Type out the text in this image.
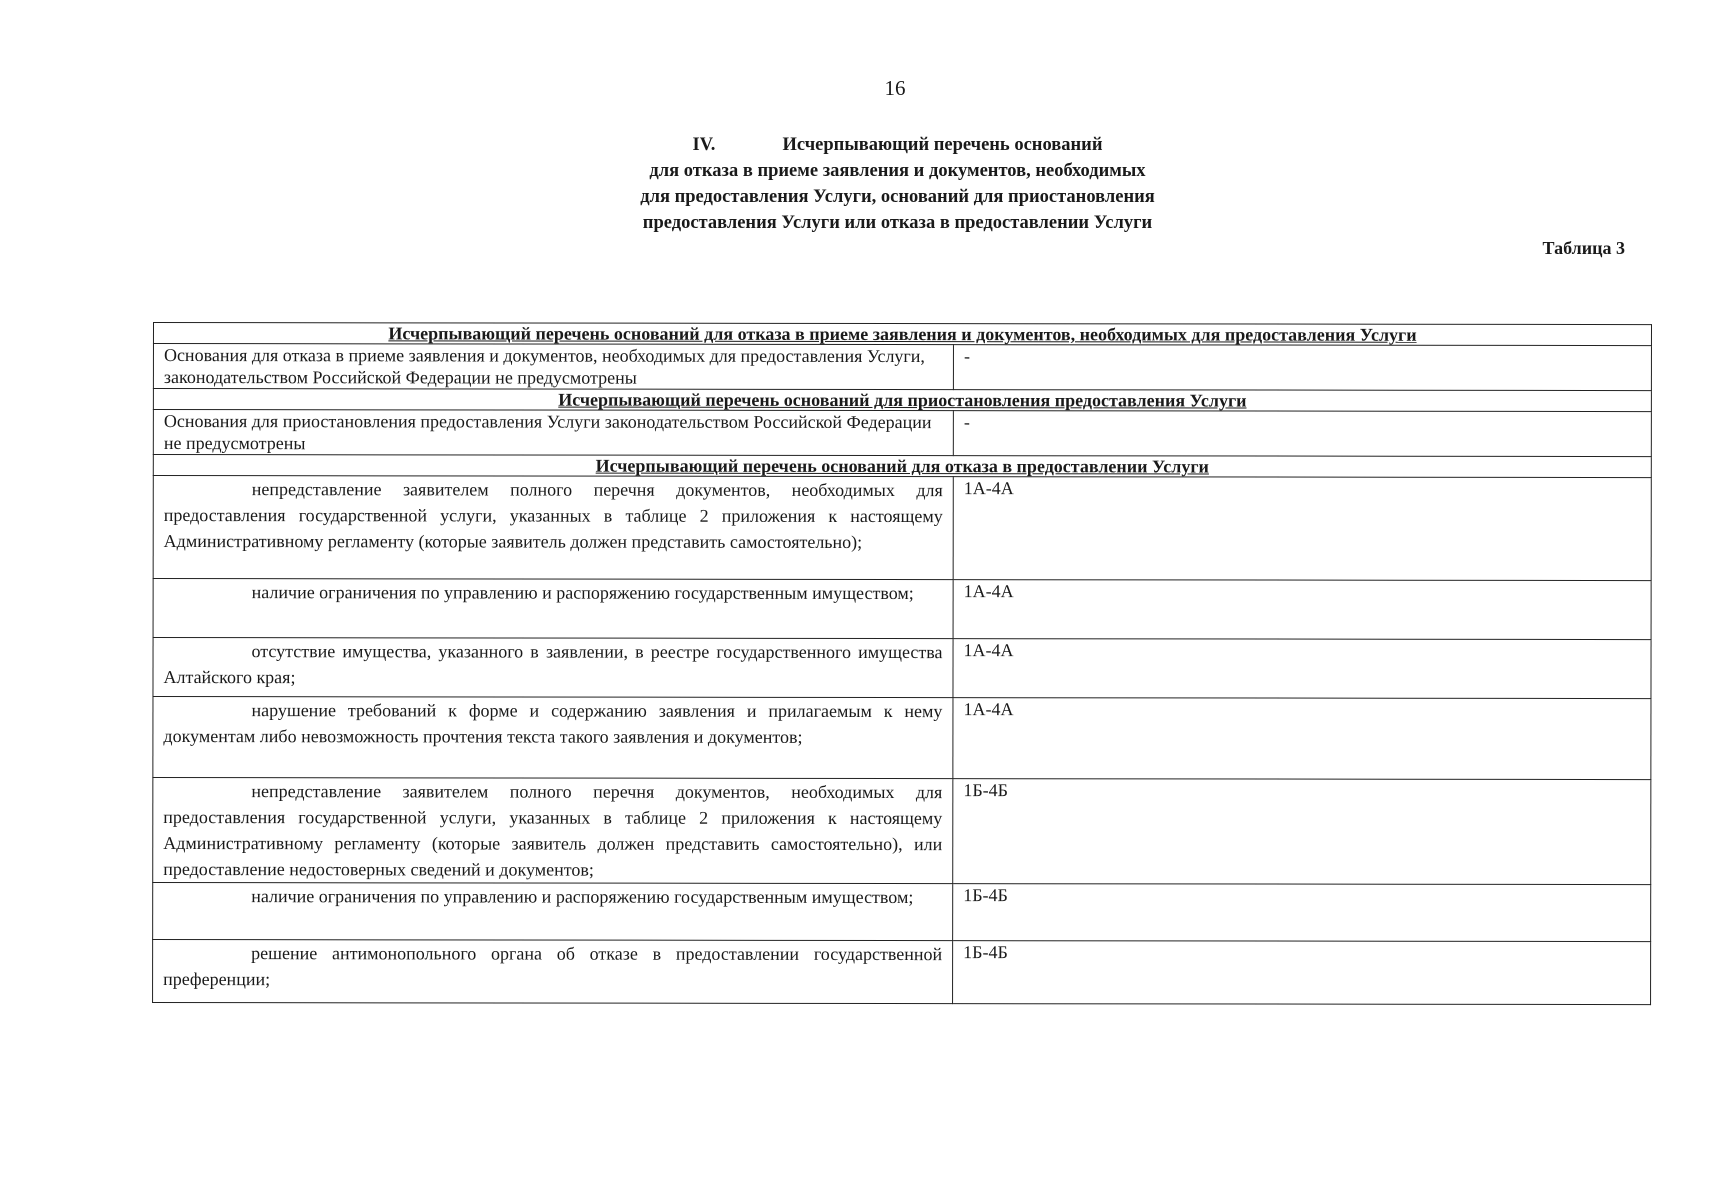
16
IV.	Исчерпывающий перечень оснований
для отказа в приеме заявления и документов, необходимых
для предоставления Услуги, оснований для приостановления
предоставления Услуги или отказа в предоставлении Услуги
Таблица 3
Исчерпывающий перечень оснований для отказа в приеме заявления и документов, необходимых для предоставления Услуги	
Основания для отказа в приеме заявления и документов, необходимых для предоставления Услуги, законодательством Российской Федерации не предусмотрены	-
Исчерпывающий перечень оснований для приостановления предоставления Услуги	
Основания для приостановления предоставления Услуги законодательством Российской Федерации не предусмотрены	-
Исчерпывающий перечень оснований для отказа в предоставлении Услуги	

непредставление заявителем полного перечня документов, необходимых для предоставления государственной услуги, указанных в таблице 2 приложения к настоящему Административному регламенту (которые заявитель должен представить самостоятельно);	1А-4А

наличие ограничения по управлению и распоряжению государственным имуществом;	1А-4А

отсутствие имущества, указанного в заявлении, в реестре государственного имущества Алтайского края;	1А-4А

нарушение требований к форме и содержанию заявления и прилагаемым к нему документам либо невозможность прочтения текста такого заявления и документов;	1А-4А

непредставление заявителем полного перечня документов, необходимых для предоставления государственной услуги, указанных в таблице 2 приложения к настоящему Административному регламенту (которые заявитель должен представить самостоятельно), или предоставление недостоверных сведений и документов;	1Б-4Б

наличие ограничения по управлению и распоряжению государственным имуществом;	1Б-4Б

решение антимонопольного органа об отказе в предоставлении государственной преференции;	1Б-4Б
